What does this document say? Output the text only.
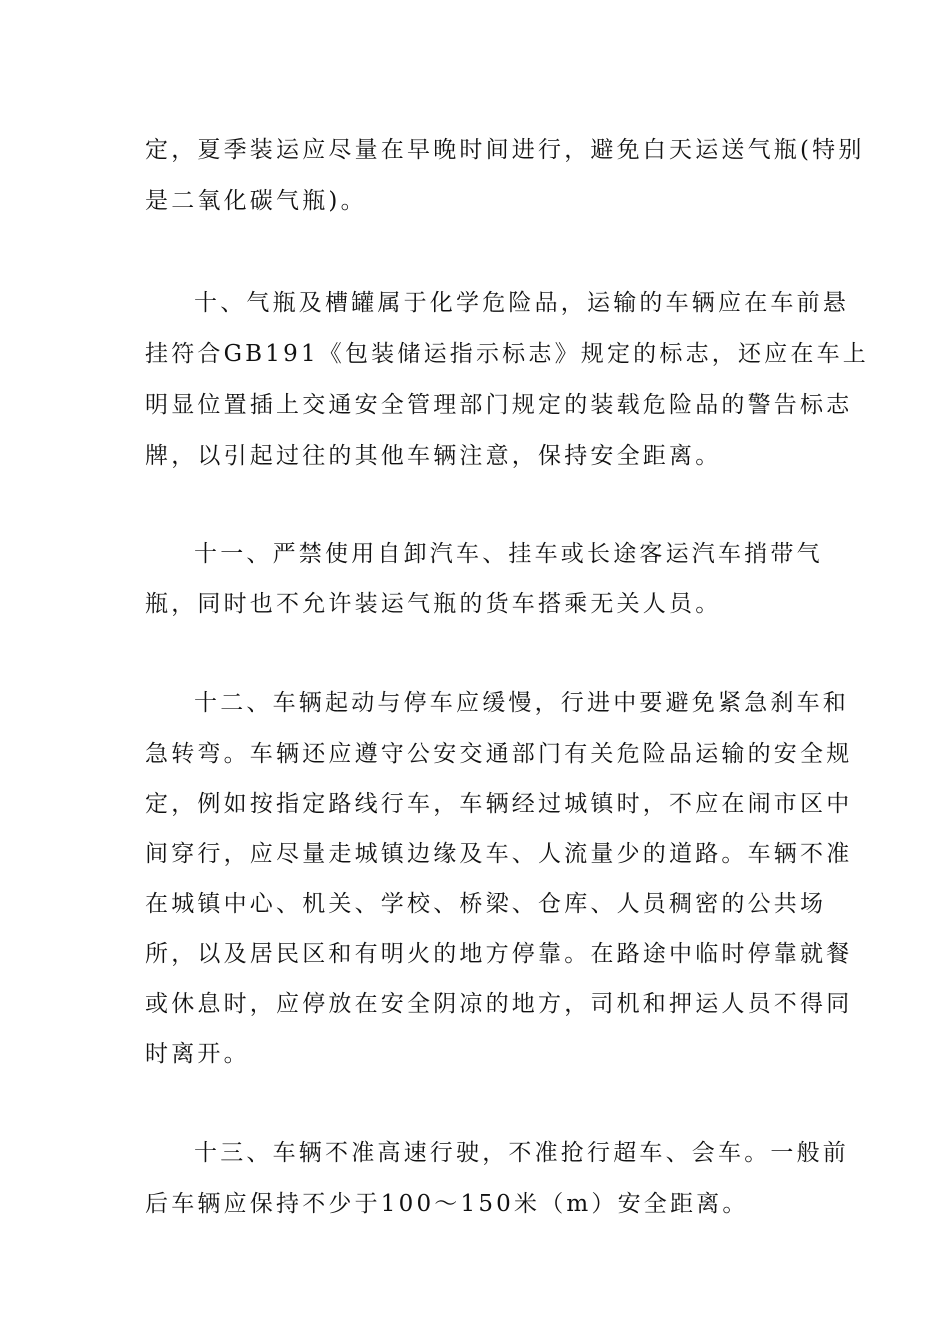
定，夏季装运应尽量在早晚时间进行，避免白天运送气瓶(特别
是二氧化碳气瓶)。
十、气瓶及槽罐属于化学危险品，运输的车辆应在车前悬
挂符合GB191《包装储运指示标志》规定的标志，还应在车上
明显位置插上交通安全管理部门规定的装载危险品的警告标志
牌，以引起过往的其他车辆注意，保持安全距离。
十一、严禁使用自卸汽车、挂车或长途客运汽车捎带气
瓶，同时也不允许装运气瓶的货车搭乘无关人员。
十二、车辆起动与停车应缓慢，行进中要避免紧急刹车和
急转弯。车辆还应遵守公安交通部门有关危险品运输的安全规
定，例如按指定路线行车，车辆经过城镇时，不应在闹市区中
间穿行，应尽量走城镇边缘及车、人流量少的道路。车辆不准
在城镇中心、机关、学校、桥梁、仓库、人员稠密的公共场
所，以及居民区和有明火的地方停靠。在路途中临时停靠就餐
或休息时，应停放在安全阴凉的地方，司机和押运人员不得同
时离开。
十三、车辆不准高速行驶，不准抢行超车、会车。一般前
后车辆应保持不少于100～150米（m）安全距离。
